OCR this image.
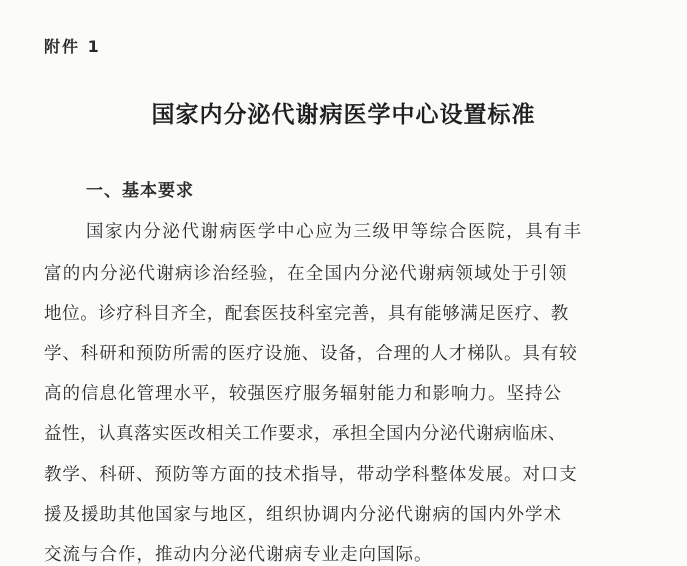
附件 1
国家内分泌代谢病医学中心设置标准
一、基本要求
国家内分泌代谢病医学中心应为三级甲等综合医院，具有丰
富的内分泌代谢病诊治经验，在全国内分泌代谢病领域处于引领
地位。诊疗科目齐全，配套医技科室完善，具有能够满足医疗、教
学、科研和预防所需的医疗设施、设备，合理的人才梯队。具有较
高的信息化管理水平，较强医疗服务辐射能力和影响力。坚持公
益性，认真落实医改相关工作要求，承担全国内分泌代谢病临床、
教学、科研、预防等方面的技术指导，带动学科整体发展。对口支
援及援助其他国家与地区，组织协调内分泌代谢病的国内外学术
交流与合作，推动内分泌代谢病专业走向国际。
